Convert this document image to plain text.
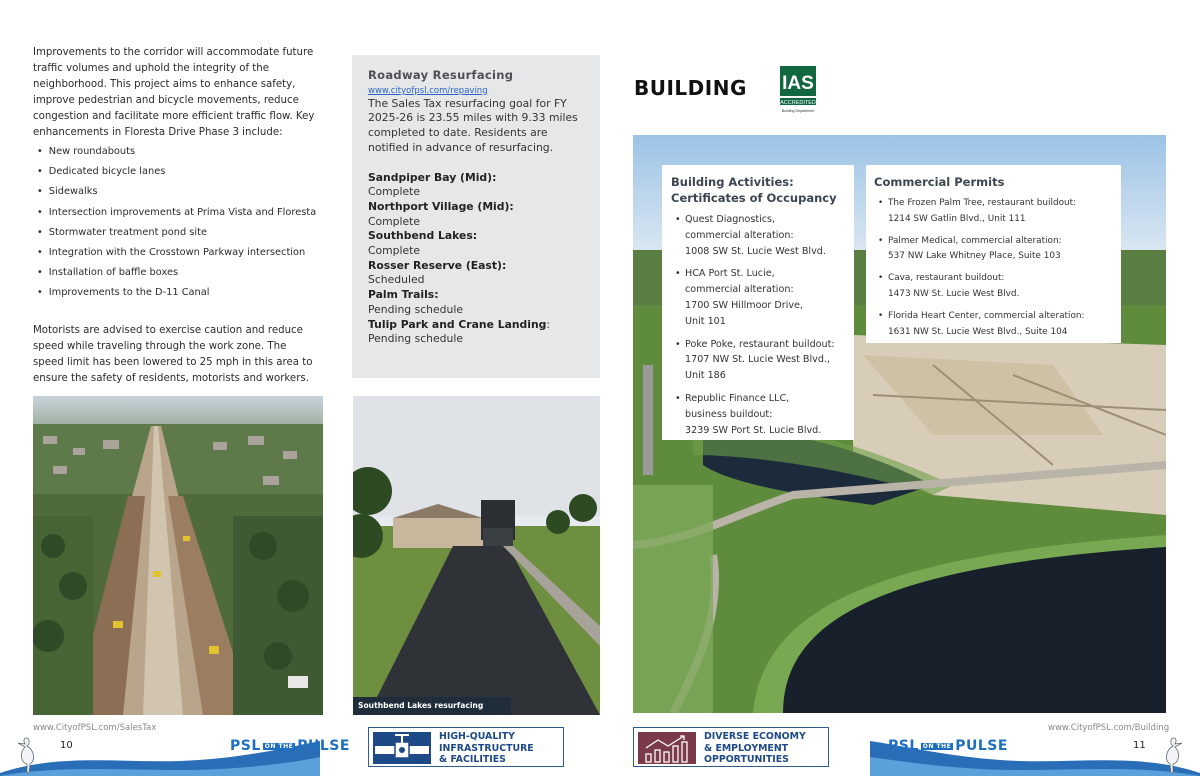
Improvements to the corridor will accommodate future traffic volumes and uphold the integrity of the neighborhood. This project aims to enhance safety, improve pedestrian and bicycle movements, reduce congestion and facilitate more efficient traffic flow. Key enhancements in Floresta Drive Phase 3 include:
• New roundabouts
• Dedicated bicycle lanes
• Sidewalks
• Intersection improvements at Prima Vista and Floresta
• Stormwater treatment pond site
• Integration with the Crosstown Parkway intersection
• Installation of baffle boxes
• Improvements to the D-11 Canal
Motorists are advised to exercise caution and reduce speed while traveling through the work zone. The speed limit has been lowered to 25 mph in this area to ensure the safety of residents, motorists and workers.
Roadway Resurfacing
www.cityofpsl.com/repaving
The Sales Tax resurfacing goal for FY 2025-26 is 23.55 miles with 9.33 miles completed to date. Residents are notified in advance of resurfacing.
Sandpiper Bay (Mid):
Complete
Northport Village (Mid):
Complete
Southbend Lakes:
Complete
Rosser Reserve (East):
Scheduled
Palm Trails:
Pending schedule
Tulip Park and Crane Landing:
Pending schedule
Southbend Lakes resurfacing
BUILDING IAS
ACCREDITED
Building Department
Building Activities:
Certificates of Occupancy
• Quest Diagnostics,
commercial alteration:
1008 SW St. Lucie West Blvd.
• HCA Port St. Lucie,
commercial alteration:
1700 SW Hillmoor Drive,
Unit 101
• Poke Poke, restaurant buildout:
1707 NW St. Lucie West Blvd.,
Unit 186
• Republic Finance LLC,
business buildout:
3239 SW Port St. Lucie Blvd.
Commercial Permits
• The Frozen Palm Tree, restaurant buildout:
1214 SW Gatlin Blvd., Unit 111
• Palmer Medical, commercial alteration:
537 NW Lake Whitney Place, Suite 103
• Cava, restaurant buildout:
1473 NW St. Lucie West Blvd.
• Florida Heart Center, commercial alteration:
1631 NW St. Lucie West Blvd., Suite 104
www.CityofPSL.com/SalesTax	www.CityofPSL.com/Building
10	PSL ON THE PULSE	11
PSL ON THE PULSE
HIGH-QUALITY
INFRASTRUCTURE
& FACILITIES
DIVERSE ECONOMY
& EMPLOYMENT
OPPORTUNITIES
